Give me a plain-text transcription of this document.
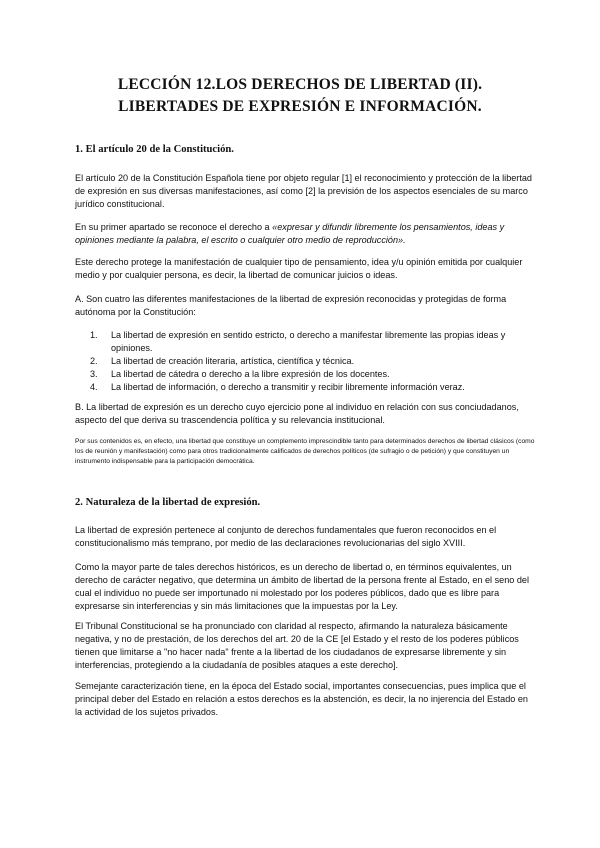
LECCIÓN 12.LOS DERECHOS DE LIBERTAD (II).
LIBERTADES DE EXPRESIÓN E INFORMACIÓN.
1. El artículo 20 de la Constitución.
El artículo 20 de la Constitución Española tiene por objeto regular [1] el reconocimiento y protección de la libertad de expresión en sus diversas manifestaciones, así como [2] la previsión de los aspectos esenciales de su marco jurídico constitucional.
En su primer apartado se reconoce el derecho a «expresar y difundir libremente los pensamientos, ideas y opiniones mediante la palabra, el escrito o cualquier otro medio de reproducción».
Este derecho protege la manifestación de cualquier tipo de pensamiento, idea y/u opinión emitida por cualquier medio y por cualquier persona, es decir, la libertad de comunicar juicios o ideas.
A. Son cuatro las diferentes manifestaciones de la libertad de expresión reconocidas y protegidas de forma autónoma por la Constitución:
1.	La libertad de expresión en sentido estricto, o derecho a manifestar libremente las propias ideas y opiniones.
2.	La libertad de creación literaria, artística, científica y técnica.
3.	La libertad de cátedra o derecho a la libre expresión de los docentes.
4.	La libertad de información, o derecho a transmitir y recibir libremente información veraz.
B. La libertad de expresión es un derecho cuyo ejercicio pone al individuo en relación con sus conciudadanos, aspecto del que deriva su trascendencia política y su relevancia institucional.
Por sus contenidos es, en efecto, una libertad que constituye un complemento imprescindible tanto para determinados derechos de libertad clásicos (como los de reunión y manifestación) como para otros tradicionalmente calificados de derechos políticos (de sufragio o de petición) y que constituyen un instrumento indispensable para la participación democrática.
2. Naturaleza de la libertad de expresión.
La libertad de expresión pertenece al conjunto de derechos fundamentales que fueron reconocidos en el constitucionalismo más temprano, por medio de las declaraciones revolucionarias del siglo XVIII.
Como la mayor parte de tales derechos históricos, es un derecho de libertad o, en términos equivalentes, un derecho de carácter negativo, que determina un ámbito de libertad de la persona frente al Estado, en el seno del cual el individuo no puede ser importunado ni molestado por los poderes públicos, dado que es libre para expresarse sin interferencias y sin más limitaciones que la impuestas por la Ley.
El Tribunal Constitucional se ha pronunciado con claridad al respecto, afirmando la naturaleza básicamente negativa, y no de prestación, de los derechos del art. 20 de la CE [el Estado y el resto de los poderes públicos tienen que limitarse a "no hacer nada" frente a la libertad de los ciudadanos de expresarse libremente y sin interferencias, protegiendo a la ciudadanía de posibles ataques a este derecho].
Semejante caracterización tiene, en la época del Estado social, importantes consecuencias, pues implica que el principal deber del Estado en relación a estos derechos es la abstención, es decir, la no injerencia del Estado en la actividad de los sujetos privados.
